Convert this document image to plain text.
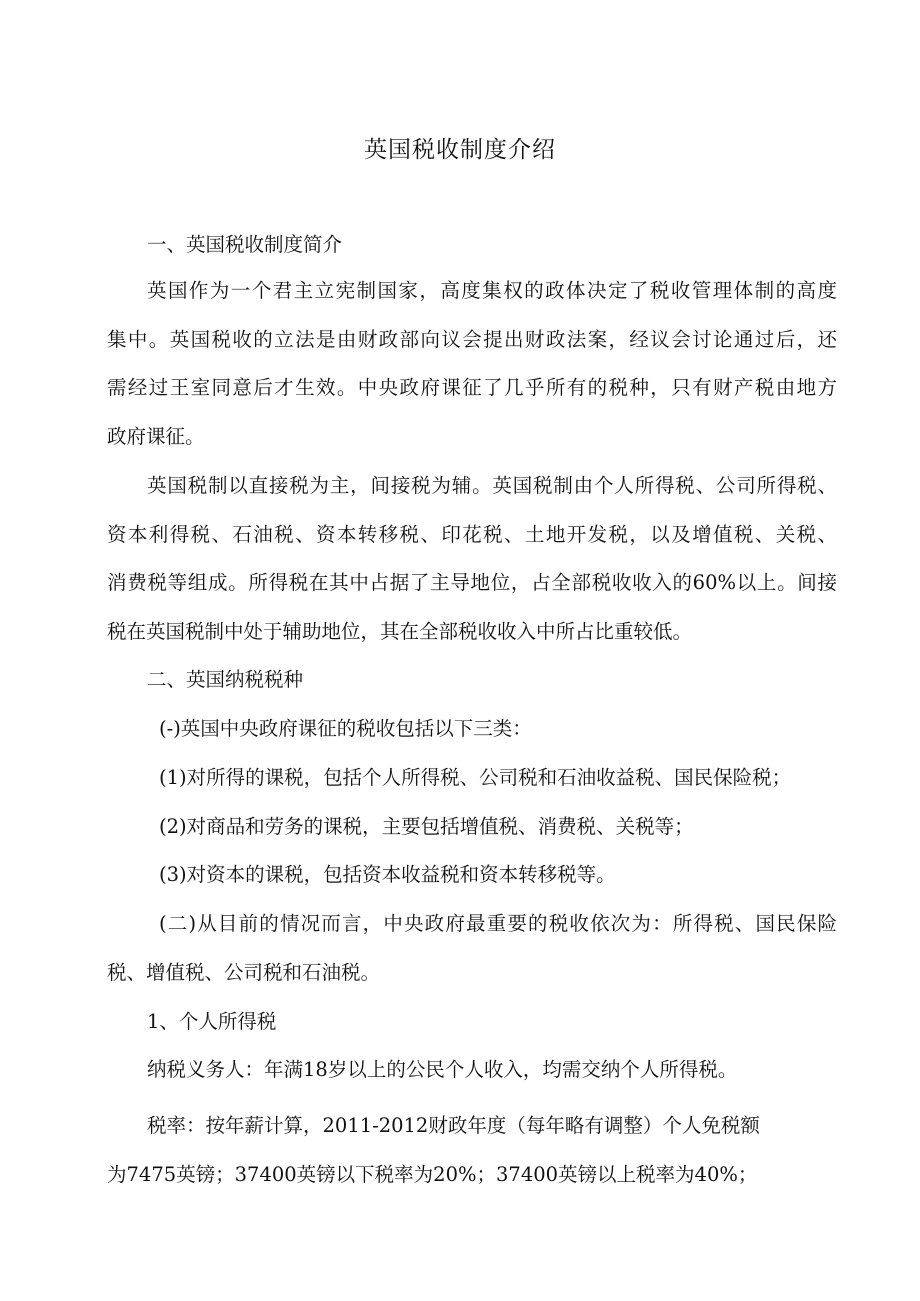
英国税收制度介绍
一、英国税收制度简介
英国作为一个君主立宪制国家，高度集权的政体决定了税收管理体制的高度
集中。英国税收的立法是由财政部向议会提出财政法案，经议会讨论通过后，还
需经过王室同意后才生效。中央政府课征了几乎所有的税种，只有财产税由地方
政府课征。
英国税制以直接税为主，间接税为辅。英国税制由个人所得税、公司所得税、
资本利得税、石油税、资本转移税、印花税、土地开发税，以及增值税、关税、
消费税等组成。所得税在其中占据了主导地位，占全部税收收入的60%以上。间接
税在英国税制中处于辅助地位，其在全部税收收入中所占比重较低。
二、英国纳税税种
(-)英国中央政府课征的税收包括以下三类：
(1)对所得的课税，包括个人所得税、公司税和石油收益税、国民保险税；
(2)对商品和劳务的课税，主要包括增值税、消费税、关税等；
(3)对资本的课税，包括资本收益税和资本转移税等。
(二)从目前的情况而言，中央政府最重要的税收依次为：所得税、国民保险
税、增值税、公司税和石油税。
1、个人所得税
纳税义务人：年满18岁以上的公民个人收入，均需交纳个人所得税。
税率：按年薪计算，2011-2012财政年度（每年略有调整）个人免税额
为7475英镑；37400英镑以下税率为20%；37400英镑以上税率为40%；
